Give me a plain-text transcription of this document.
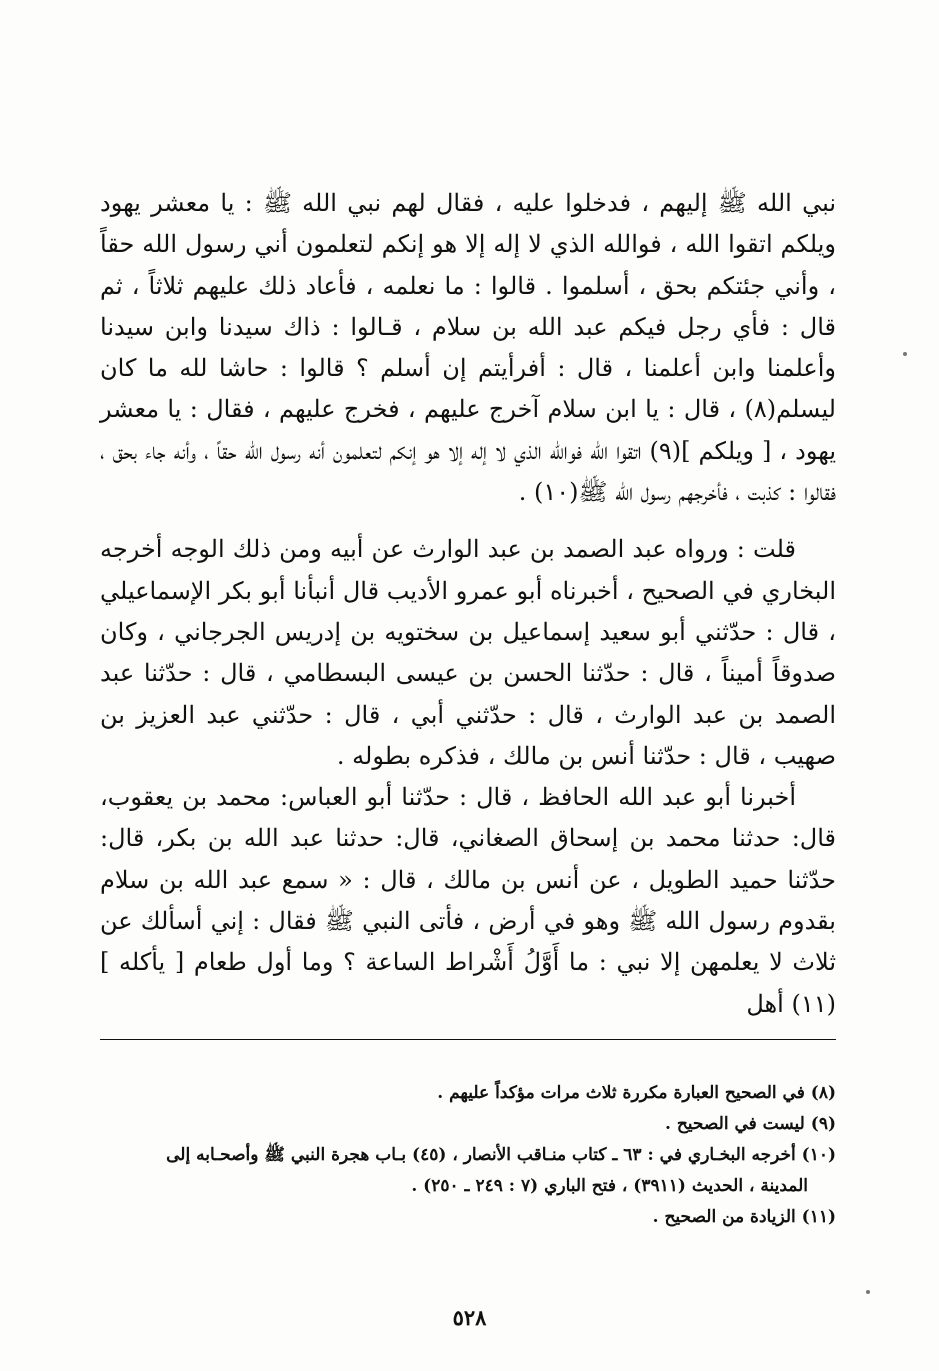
نبي الله ﷺ إليهم ، فدخلوا عليه ، فقال لهم نبي الله ﷺ : يا معشر يهود ويلكم اتقوا الله ، فوالله الذي لا إله إلا هو إنكم لتعلمون أني رسول الله حقاً ، وأني جئتكم بحق ، أسلموا . قالوا : ما نعلمه ، فأعاد ذلك عليهم ثلاثاً ، ثم قال : فأي رجل فيكم عبد الله بن سلام ، قـالوا : ذاك سيدنا وابن سيدنا وأعلمنا وابن أعلمنا ، قال : أفرأيتم إن أسلم ؟ قالوا : حاشا لله ما كان ليسلم(٨) ، قال : يا ابن سلام آخرج عليهم ، فخرج عليهم ، فقال : يا معشر يهود ، [ ويلكم ](٩) اتقوا الله فوالله الذي لا إله إلا هو إنكم لتعلمون أنه رسول الله حقاً ، وأنه جاء بحق ، فقالوا : كذبت ، فأخرجهم رسول الله ﷺ(١٠) .

قلت : ورواه عبد الصمد بن عبد الوارث عن أبيه ومن ذلك الوجه أخرجه البخاري في الصحيح ، أخبرناه أبو عمرو الأديب قال أنبأنا أبو بكر الإسماعيلي ، قال : حدّثني أبو سعيد إسماعيل بن سختويه بن إدريس الجرجاني ، وكان صدوقاً أميناً ، قال : حدّثنا الحسن بن عيسى البسطامي ، قال : حدّثنا عبد الصمد بن عبد الوارث ، قال : حدّثني أبي ، قال : حدّثني عبد العزيز بن صهيب ، قال : حدّثنا أنس بن مالك ، فذكره بطوله .

أخبرنا أبو عبد الله الحافظ ، قال : حدّثنا أبو العباس: محمد بن يعقوب، قال: حدثنا محمد بن إسحاق الصغاني، قال: حدثنا عبد الله بن بكر، قال: حدّثنا حميد الطويل ، عن أنس بن مالك ، قال : « سمع عبد الله بن سلام بقدوم رسول الله ﷺ وهو في أرض ، فأتى النبي ﷺ فقال : إني أسألك عن ثلاث لا يعلمهن إلا نبي : ما أَوَّلُ أَشْراط الساعة ؟ وما أول طعام [ يأكله ](١١) أهل

(٨) في الصحيح العبارة مكررة ثلاث مرات مؤكداً عليهم .

(٩) ليست في الصحيح .

(١٠) أخرجه البخـاري في : ٦٣ ـ كتاب منـاقب الأنصار ، (٤٥) بـاب هجرة النبي ﷺ وأصحـابه إلى

المدينة ، الحديث (٣٩١١) ، فتح الباري (٧ : ٢٤٩ ـ ٢٥٠) .

(١١) الزيادة من الصحيح .

٥٢٨
